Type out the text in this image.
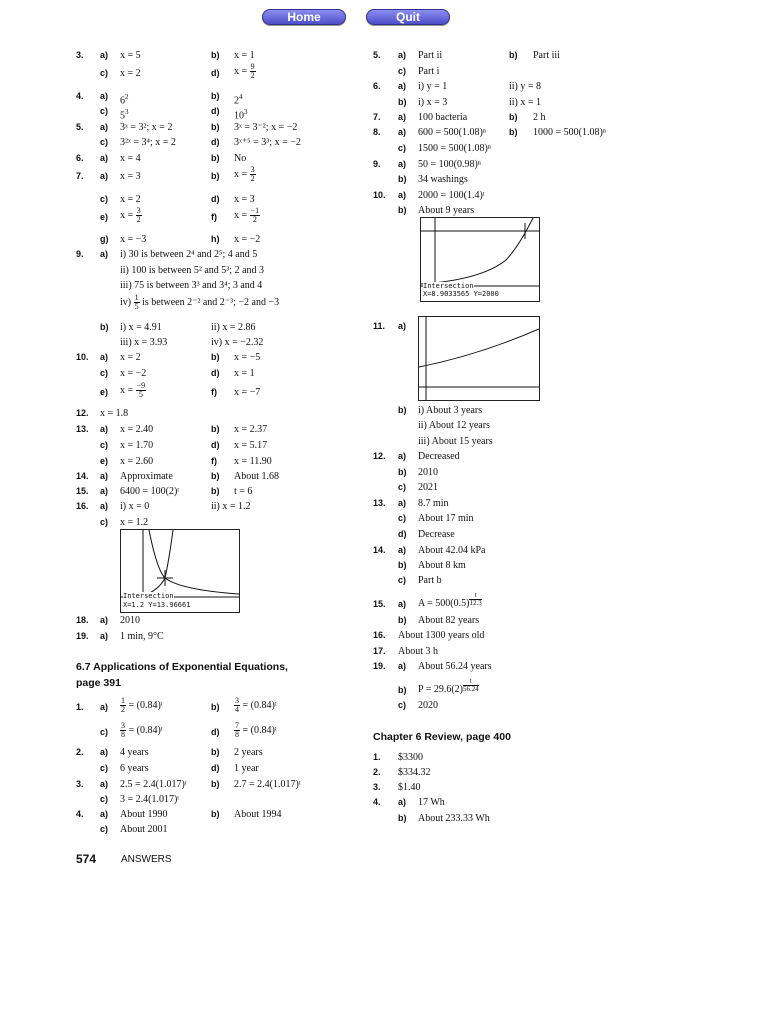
Home	Quit
3. a) x = 5	b) x = 1
c) x = 2	d) $x = \frac{9}{2}$
4. a) $6^2$	b) $2^4$
c) $5^3$	d) $10^3$
5. a) 3ˣ = 3²; x = 2	b) 3ˣ = 3⁻²; x = −2
c) 3²ˣ = 3⁴; x = 2	d) 3ˣ⁺⁵ = 3³; x = −2
6. a) x = 4	b) No
7. a) x = 3	b) $x = \frac{3}{2}$
c) x = 2	d) x = 3
e) $x = \frac{3}{2}$	f) $x = \frac{-1}{2}$
g) x = −3	h) x = −2
9. a) i) 30 is between 2⁴ and 2⁵; 4 and 5
ii) 100 is between 5² and 5³; 2 and 3
iii) 75 is between 3³ and 3⁴; 3 and 4
$iv) \frac{1}{5}$ is between 2⁻² and 2⁻³; −2 and −3
b) i) x = 4.91	ii) x = 2.86
iii) x = 3.93	iv) x = −2.32
10. a) x = 2	b) x = −5
c) x = −2	d) x = 1
e) $x = \frac{-9}{5}$	f) x = −7
12. x = 1.8
13. a) x = 2.40	b) x = 2.37
c) x = 1.70	d) x = 5.17
e) x = 2.60	f) x = 11.90
14. a) Approximate	b) About 1.68
15. a) 6400 = 100(2)ᵗ	b) t = 6
16. a) i) x = 0	ii) x = 1.2
c) x = 1.2
Intersection
X=1.2 Y=13.96661
18. a) 2010
19. a) 1 min, 9°C
6.7 Applications of Exponential Equations,
page 391
1. $a) \frac{1}{2}$ = (0.84)ᵗ	$b) \frac{3}{4}$ = (0.84)ᵗ
$c) \frac{3}{8}$ = (0.84)ᵗ	$d) \frac{7}{8}$ = (0.84)ᵗ
2. a) 4 years	b) 2 years
c) 6 years	d) 1 year
3. a) 2.5 = 2.4(1.017)ᵗ	b) 2.7 = 2.4(1.017)ᵗ
c) 3 = 2.4(1.017)ᵗ
4. a) About 1990	b) About 1994
c) About 2001
5. a) Part ii	b) Part iii
c) Part i
6. a) i) y = 1	ii) y = 8
b) i) x = 3	ii) x = 1
7. a) 100 bacteria	b) 2 h
8. a) 600 = 500(1.08)ⁿ	b) 1000 = 500(1.08)ⁿ
c) 1500 = 500(1.08)ⁿ
9. a) 50 = 100(0.98)ⁿ
b) 34 washings
10. a) 2000 = 100(1.4)ᵗ
b) About 9 years
Intersection
X=8.9033565 Y=2000
11. a)
b) i) About 3 years
ii) About 12 years
iii) About 15 years
12. a) Decreased
b) 2010
c) 2021
13. a) 8.7 min
c) About 17 min
d) Decrease
14. a) About 42.04 kPa
b) About 8 km
c) Part b
15. a) $A = 500(0.5) \frac{t}{12.3}$
b) About 82 years
16. About 1300 years old
17. About 3 h
19. a) About 56.24 years
b) $P = 29.6(2) \frac{t}{56.24}$
c) 2020
Chapter 6 Review, page 400
1. $3300
2. $334.32
3. $1.40
4. a) 17 Wh
b) About 233.33 Wh
574 ANSWERS
